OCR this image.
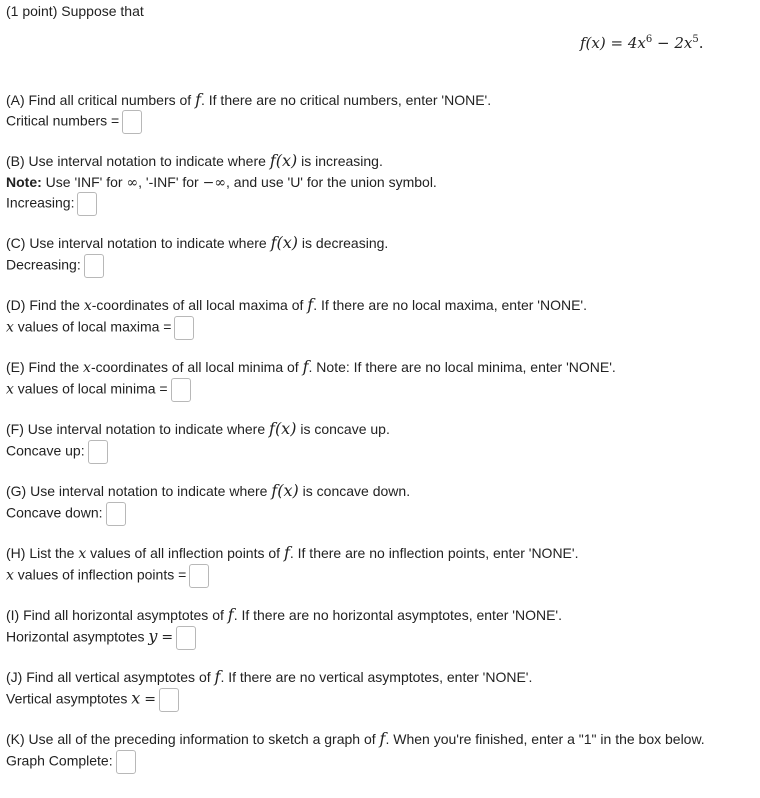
(1 point) Suppose that
$f(x) = 4x^6 - 2x^5$.
(A) Find all critical numbers of f. If there are no critical numbers, enter 'NONE'.
Critical numbers =
(B) Use interval notation to indicate where f(x) is increasing.
Note: Use 'INF' for ∞, '-INF' for −∞, and use 'U' for the union symbol.
Increasing:
(C) Use interval notation to indicate where f(x) is decreasing.
Decreasing:
(D) Find the x-coordinates of all local maxima of f. If there are no local maxima, enter 'NONE'.
x values of local maxima =
(E) Find the x-coordinates of all local minima of f. Note: If there are no local minima, enter 'NONE'.
x values of local minima =
(F) Use interval notation to indicate where f(x) is concave up.
Concave up:
(G) Use interval notation to indicate where f(x) is concave down.
Concave down:
(H) List the x values of all inflection points of f. If there are no inflection points, enter 'NONE'.
x values of inflection points =
(I) Find all horizontal asymptotes of f. If there are no horizontal asymptotes, enter 'NONE'.
Horizontal asymptotes y =
(J) Find all vertical asymptotes of f. If there are no vertical asymptotes, enter 'NONE'.
Vertical asymptotes x =
(K) Use all of the preceding information to sketch a graph of f. When you're finished, enter a "1" in the box below.
Graph Complete:
